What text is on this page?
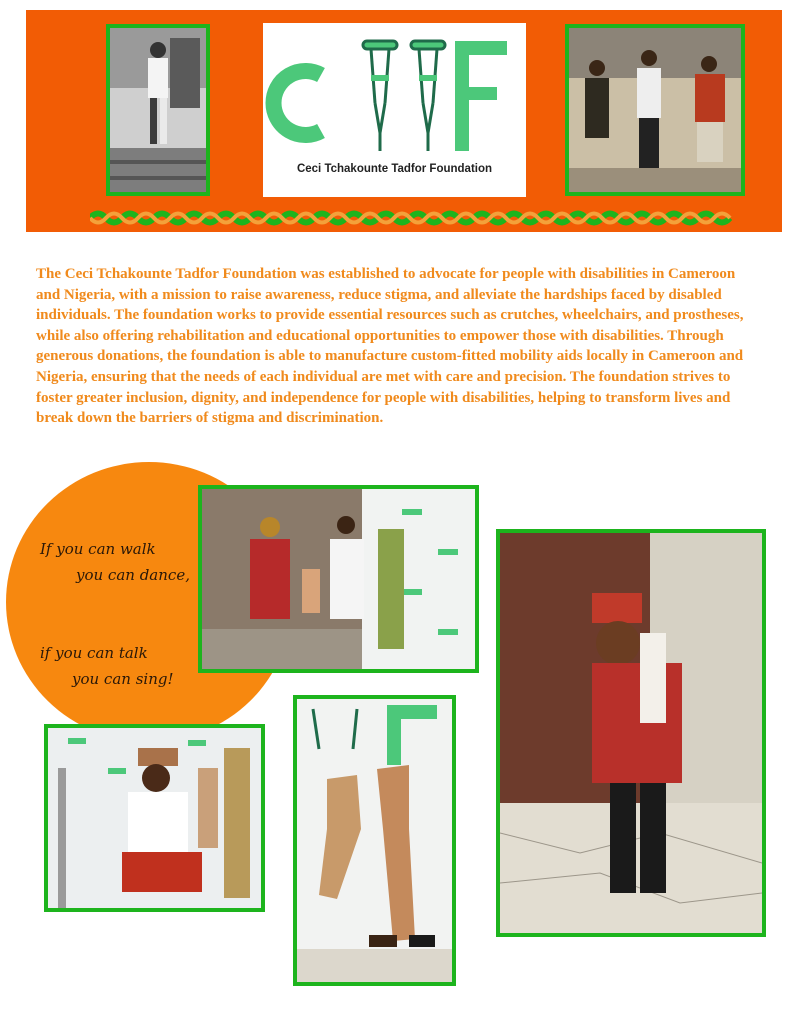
Ceci Tchakounte Tadfor Foundation

The Ceci Tchakounte Tadfor Foundation was established to advocate for people with disabilities in Cameroon and Nigeria, with a mission to raise awareness, reduce stigma, and alleviate the hardships faced by disabled individuals. The foundation works to provide essential resources such as crutches, wheelchairs, and prostheses, while also offering rehabilitation and educational opportunities to empower those with disabilities. Through generous donations, the foundation is able to manufacture custom-fitted mobility aids locally in Cameroon and Nigeria, ensuring that the needs of each individual are met with care and precision. The foundation strives to foster greater inclusion, dignity, and independence for people with disabilities, helping to transform lives and break down the barriers of stigma and discrimination.

If you can walk
you can dance,
if you can talk
you can sing!
